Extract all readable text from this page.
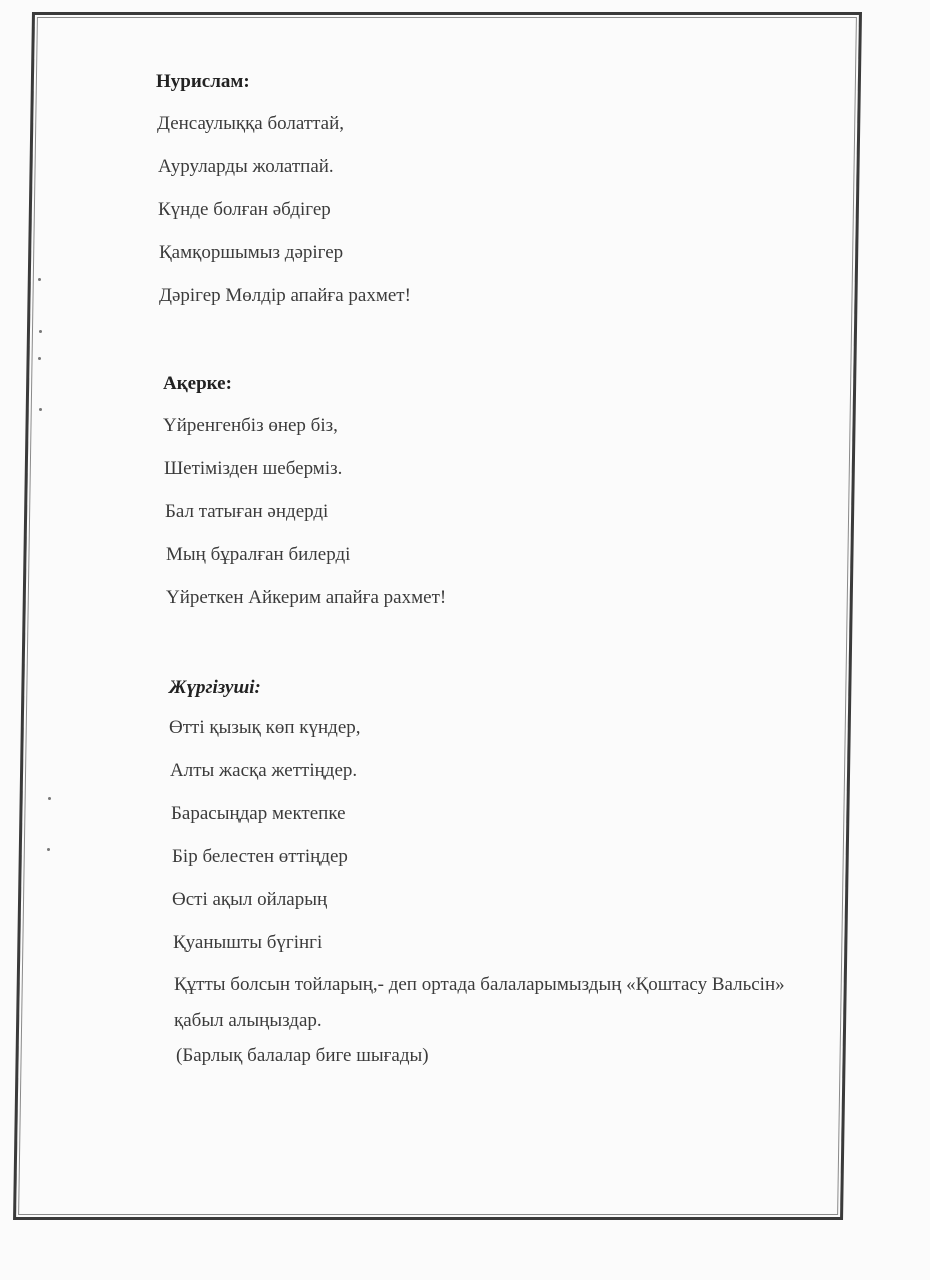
Нурислам:
Денсаулыққа болаттай,
Ауруларды жолатпай.
Күнде болған әбдігер
Қамқоршымыз дәрігер
Дәрігер Мөлдір апайға рахмет!
Ақерке:
Үйренгенбіз өнер біз,
Шетімізден шеберміз.
Бал татыған әндерді
Мың бұралған билерді
Үйреткен Айкерим апайға рахмет!
Жүргізуші:
Өтті қызық көп күндер,
Алты жасқа жеттіңдер.
Барасыңдар мектепке
Бір белестен өттіңдер
Өсті ақыл ойларың
Қуанышты бүгінгі
Құтты болсын тойларың,- деп ортада балаларымыздың «Қоштасу Вальсін» қабыл алыңыздар.
(Барлық балалар биге шығады)
